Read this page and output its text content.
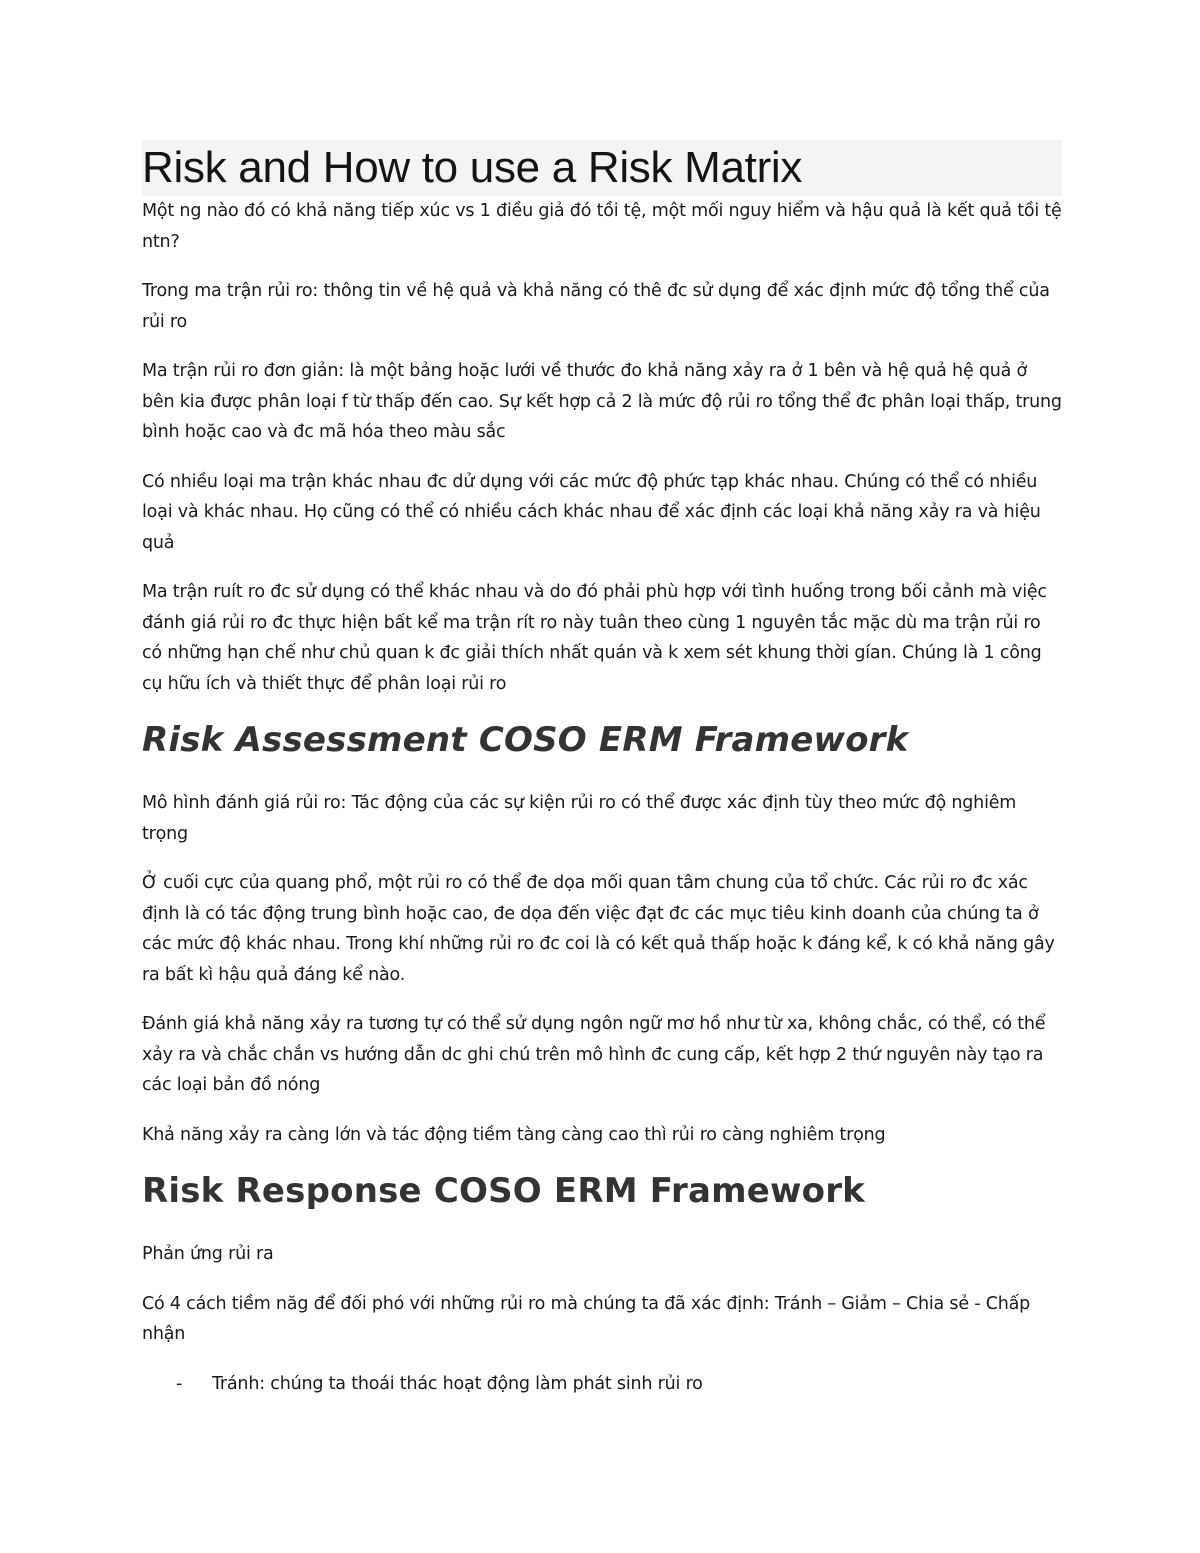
Risk and How to use a Risk Matrix

Một ng nào đó có khả năng tiếp xúc vs 1 điều giả đó tồi tệ, một mối nguy hiểm và hậu quả là kết quả tồi tệ ntn?

Trong ma trận rủi ro: thông tin về hệ quả và khả năng có thê đc sử dụng để xác định mức độ tổng thể của rủi ro

Ma trận rủi ro đơn giản: là một bảng hoặc lưới về thước đo khả năng xảy ra ở 1 bên và hệ quả hệ quả ở bên kia được phân loại f từ thấp đến cao. Sự kết hợp cả 2 là mức độ rủi ro tổng thể đc phân loại thấp, trung bình hoặc cao và đc mã hóa theo màu sắc

Có nhiều loại ma trận khác nhau đc dử dụng với các mức độ phức tạp khác nhau. Chúng có thể có nhiều loại và khác nhau. Họ cũng có thể có nhiều cách khác nhau để xác định các loại khả năng xảy ra và hiệu quả

Ma trận ruít ro đc sử dụng có thể khác nhau và do đó phải phù hợp với tình huống trong bối cảnh mà việc đánh giá rủi ro đc thực hiện bất kể ma trận rít ro này tuân theo cùng 1 nguyên tắc mặc dù ma trận rủi ro có những hạn chế như chủ quan k đc giải thích nhất quán và k xem sét khung thời gían. Chúng là 1 công cụ hữu ích và thiết thực để phân loại rủi ro

Risk Assessment COSO ERM Framework

Mô hình đánh giá rủi ro: Tác động của các sự kiện rủi ro có thể được xác định tùy theo mức độ nghiêm trọng

Ở cuối cực của quang phổ, một rủi ro có thể đe dọa mối quan tâm chung của tổ chức. Các rủi ro đc xác định là có tác động trung bình hoặc cao, đe dọa đến việc đạt đc các mục tiêu kinh doanh của chúng ta ở các mức độ khác nhau. Trong khí những rủi ro đc coi là có kết quả thấp hoặc k đáng kể, k có khả năng gây ra bất kì hậu quả đáng kể nào.

Đánh giá khả năng xảy ra tương tự có thể sử dụng ngôn ngữ mơ hồ như từ xa, không chắc, có thể, có thể xảy ra và chắc chắn vs hướng dẫn dc ghi chú trên mô hình đc cung cấp, kết hợp 2 thứ nguyên này tạo ra các loại bản đồ nóng

Khả năng xảy ra càng lớn và tác động tiềm tàng càng cao thì rủi ro càng nghiêm trọng

Risk Response COSO ERM Framework

Phản ứng rủi ra

Có 4 cách tiềm năg để đối phó với những rủi ro mà chúng ta đã xác định: Tránh – Giảm – Chia sẻ - Chấp nhận

- Tránh: chúng ta thoái thác hoạt động làm phát sinh rủi ro
